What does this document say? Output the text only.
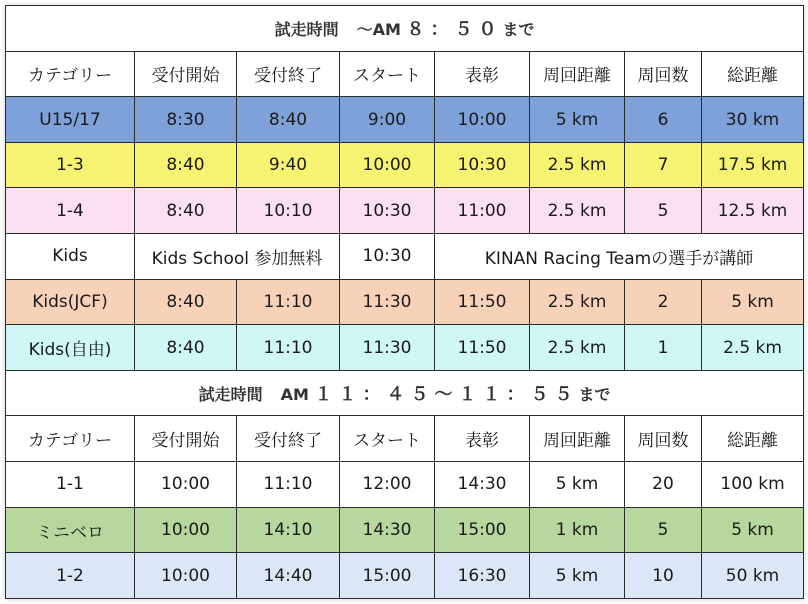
試走時間 〜AM ８：５０まで							
カテゴリー	受付開始	受付終了	スタート	表彰	周回距離	周回数	総距離
U15/17	8:30	8:40	9:00	10:00	5 km	6	30 km
1-3	8:40	9:40	10:00	10:30	2.5 km	7	17.5 km
1-4	8:40	10:10	10:30	11:00	2.5 km	5	12.5 km
Kids	Kids School 参加無料		10:30	KINAN Racing Teamの選手が講師			
Kids(JCF)	8:40	11:10	11:30	11:50	2.5 km	2	5 km
Kids(自由)	8:40	11:10	11:30	11:50	2.5 km	1	2.5 km
試走時間 AM １１：４５〜１１：５５まで							
カテゴリー	受付開始	受付終了	スタート	表彰	周回距離	周回数	総距離
1-1	10:00	11:10	12:00	14:30	5 km	20	100 km
ミニベロ	10:00	14:10	14:30	15:00	1 km	5	5 km
1-2	10:00	14:40	15:00	16:30	5 km	10	50 km
